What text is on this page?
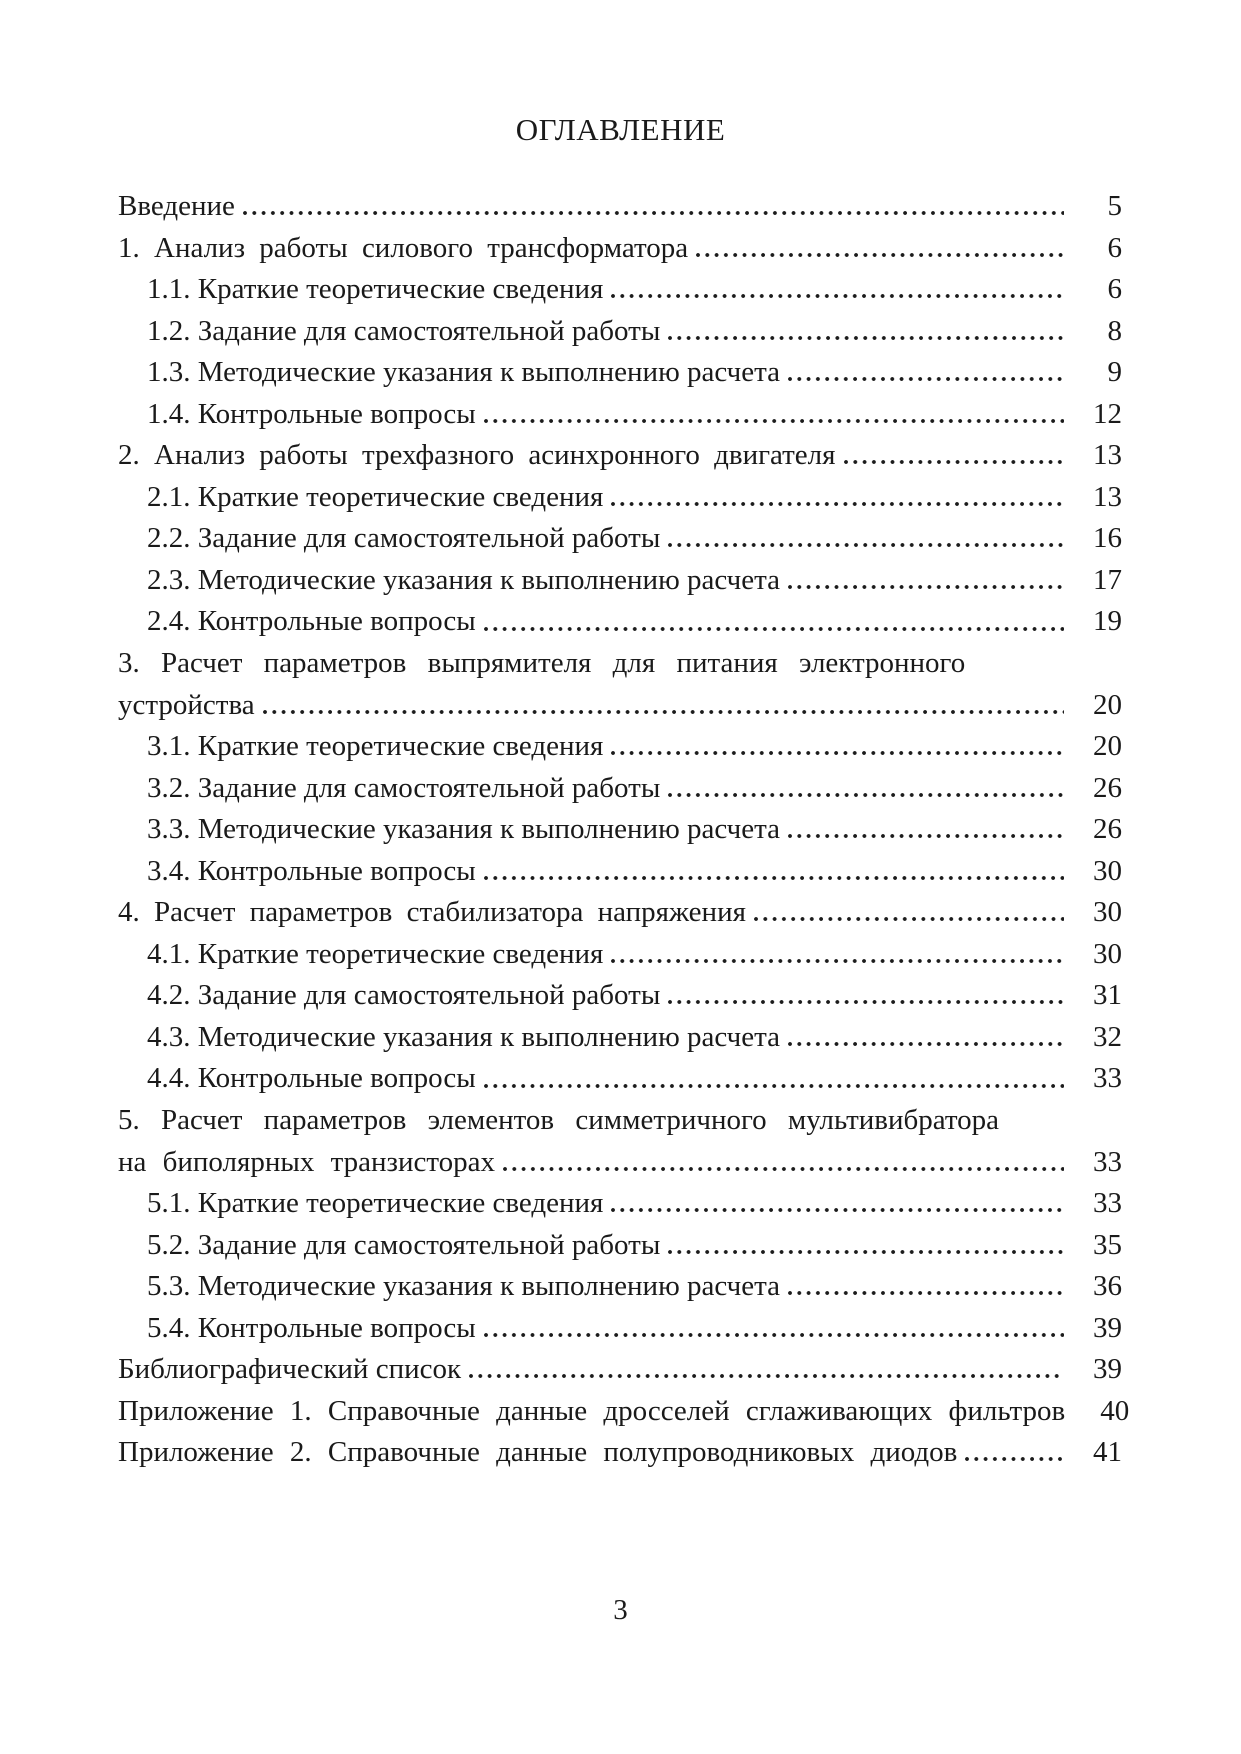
ОГЛАВЛЕНИЕ
Введение	5
1. Анализ работы силового трансформатора	6
1.1. Краткие теоретические сведения	6
1.2. Задание для самостоятельной работы	8
1.3. Методические указания к выполнению расчета	9
1.4. Контрольные вопросы	12
2. Анализ работы трехфазного асинхронного двигателя	13
2.1. Краткие теоретические сведения	13
2.2. Задание для самостоятельной работы	16
2.3. Методические указания к выполнению расчета	17
2.4. Контрольные вопросы	19
3. Расчет параметров выпрямителя для питания электронного
устройства	20
3.1. Краткие теоретические сведения	20
3.2. Задание для самостоятельной работы	26
3.3. Методические указания к выполнению расчета	26
3.4. Контрольные вопросы	30
4. Расчет параметров стабилизатора напряжения	30
4.1. Краткие теоретические сведения	30
4.2. Задание для самостоятельной работы	31
4.3. Методические указания к выполнению расчета	32
4.4. Контрольные вопросы	33
5. Расчет параметров элементов симметричного мультивибратора
на биполярных транзисторах	33
5.1. Краткие теоретические сведения	33
5.2. Задание для самостоятельной работы	35
5.3. Методические указания к выполнению расчета	36
5.4. Контрольные вопросы	39
Библиографический список	39
Приложение 1. Справочные данные дросселей сглаживающих фильтров	40
Приложение 2. Справочные данные полупроводниковых диодов	41
3
